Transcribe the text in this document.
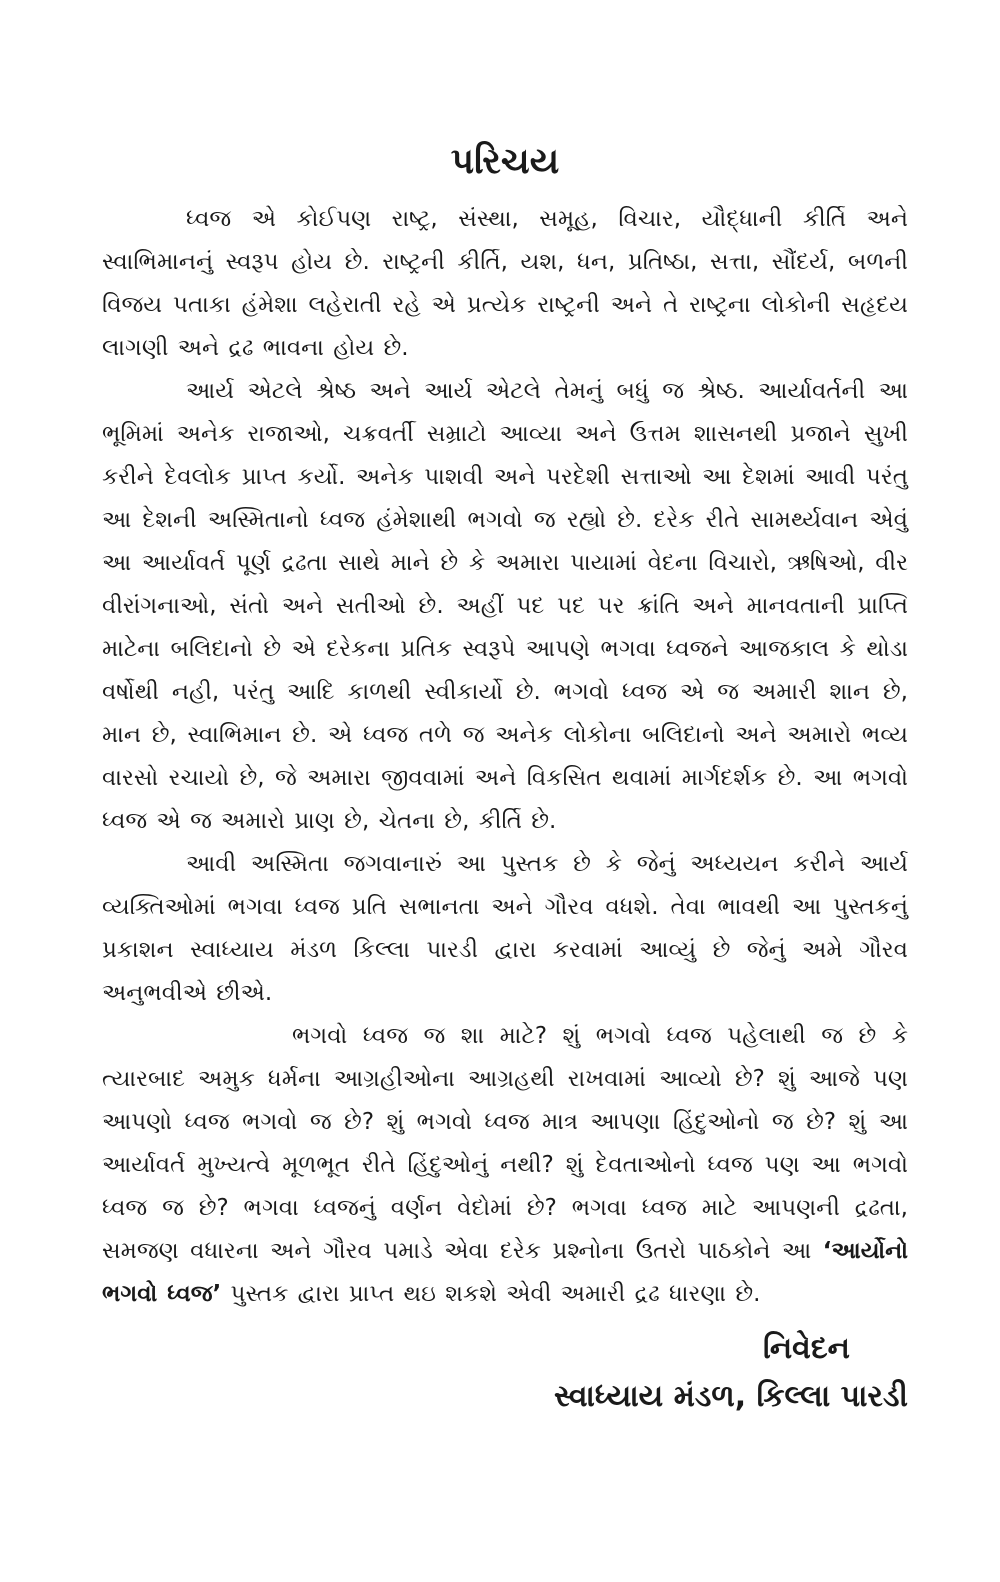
પરિચય

ધ્વજ એ કોઈપણ રાષ્ટ્ર, સંસ્થા, સમૂહ, વિચાર, યૌદ્ધાની કીર્તિ અને સ્વાભિમાનનું સ્વરૂપ હોય છે. રાષ્ટ્રની કીર્તિ, યશ, ધન, પ્રતિષ્ઠા, સત્તા, સૌંદર્ય, બળની વિજય પતાકા હંમેશા લહેરાતી રહે એ પ્રત્યેક રાષ્ટ્રની અને તે રાષ્ટ્રના લોકોની સહૃદય લાગણી અને દ્રઢ ભાવના હોય છે.

આર્ય એટલે શ્રેષ્ઠ અને આર્ય એટલે તેમનું બધું જ શ્રેષ્ઠ. આર્યાવર્તની આ ભૂમિમાં અનેક રાજાઓ, ચક્રવર્તી સમ્રાટો આવ્યા અને ઉત્તમ શાસનથી પ્રજાને સુખી કરીને દેવલોક પ્રાપ્ત કર્યો. અનેક પાશવી અને પરદેશી સત્તાઓ આ દેશમાં આવી પરંતુ આ દેશની અસ્મિતાનો ધ્વજ હંમેશાથી ભગવો જ રહ્યો છે. દરેક રીતે સામર્થ્યવાન એવું આ આર્યાવર્ત પૂર્ણ દ્રઢતા સાથે માને છે કે અમારા પાયામાં વેદના વિચારો, ઋષિઓ, વીર વીરાંગનાઓ, સંતો અને સતીઓ છે. અહીં પદ પદ પર ક્રાંતિ અને માનવતાની પ્રાપ્તિ માટેના બલિદાનો છે એ દરેકના પ્રતિક સ્વરૂપે આપણે ભગવા ધ્વજને આજકાલ કે થોડા વર્ષોથી નહી, પરંતુ આદિ કાળથી સ્વીકાર્યો છે. ભગવો ધ્વજ એ જ અમારી શાન છે, માન છે, સ્વાભિમાન છે. એ ધ્વજ તળે જ અનેક લોકોના બલિદાનો અને અમારો ભવ્ય વારસો રચાયો છે, જે અમારા જીવવામાં અને વિકસિત થવામાં માર્ગદર્શક છે. આ ભગવો ધ્વજ એ જ અમારો પ્રાણ છે, ચેતના છે, કીર્તિ છે.

આવી અસ્મિતા જગવાનારું આ પુસ્તક છે કે જેનું અધ્યયન કરીને આર્ય વ્યક્તિઓમાં ભગવા ધ્વજ પ્રતિ સભાનતા અને ગૌરવ વધશે. તેવા ભાવથી આ પુસ્તકનું પ્રકાશન સ્વાધ્યાય મંડળ કિલ્લા પારડી દ્વારા કરવામાં આવ્યું છે જેનું અમે ગૌરવ અનુભવીએ છીએ.

ભગવો ધ્વજ જ શા માટે? શું ભગવો ધ્વજ પહેલાથી જ છે કે ત્યારબાદ અમુક ધર્મના આગ્રહીઓના આગ્રહથી રાખવામાં આવ્યો છે? શું આજે પણ આપણો ધ્વજ ભગવો જ છે? શું ભગવો ધ્વજ માત્ર આપણા હિંદુઓનો જ છે? શું આ આર્યાવર્ત મુખ્યત્વે મૂળભૂત રીતે હિંદુઓનું નથી? શું દેવતાઓનો ધ્વજ પણ આ ભગવો ધ્વજ જ છે? ભગવા ધ્વજનું વર્ણન વેદોમાં છે? ભગવા ધ્વજ માટે આપણની દ્રઢતા, સમજણ વધારના અને ગૌરવ પમાડે એવા દરેક પ્રશ્નોના ઉતરો પાઠકોને આ ‘આર્યોનો ભગવો ધ્વજ’ પુસ્તક દ્વારા પ્રાપ્ત થઇ શકશે એવી અમારી દ્રઢ ધારણા છે.

નિવેદન

સ્વાધ્યાય મંડળ, કિલ્લા પારડી
